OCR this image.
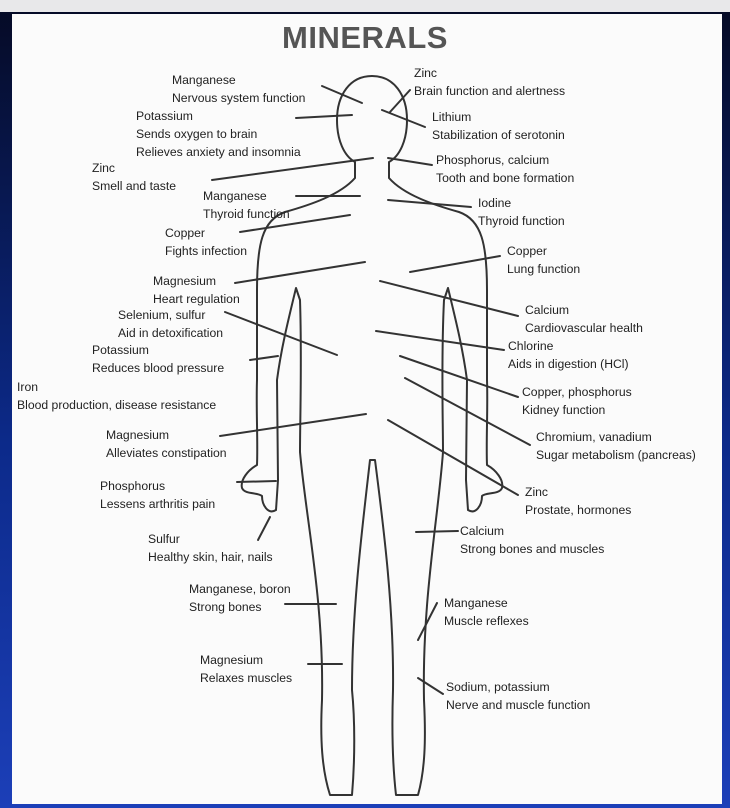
MINERALS
Manganese
Nervous system function
Zinc
Brain function and alertness
Potassium
Sends oxygen to brain
Relieves anxiety and insomnia
Lithium
Stabilization of serotonin
Zinc
Smell and taste
Phosphorus, calcium
Tooth and bone formation
Manganese
Thyroid function
Iodine
Thyroid function
Copper
Fights infection	Copper
Lung function
Magnesium
Heart regulation
Calcium
Cardiovascular health
Selenium, sulfur
Aid in detoxification
Chlorine
Aids in digestion (HCl)
Potassium
Reduces blood pressure
Copper, phosphorus
Kidney function
Iron
Blood production, disease resistance
Chromium, vanadium
Sugar metabolism (pancreas)
Magnesium
Alleviates constipation
Phosphorus
Lessens arthritis pain
Zinc
Prostate, hormones
Sulfur
Healthy skin, hair, nails
Calcium
Strong bones and muscles
Manganese, boron
Strong bones	Manganese
Muscle reflexes
Magnesium
Relaxes muscles
Sodium, potassium
Nerve and muscle function
